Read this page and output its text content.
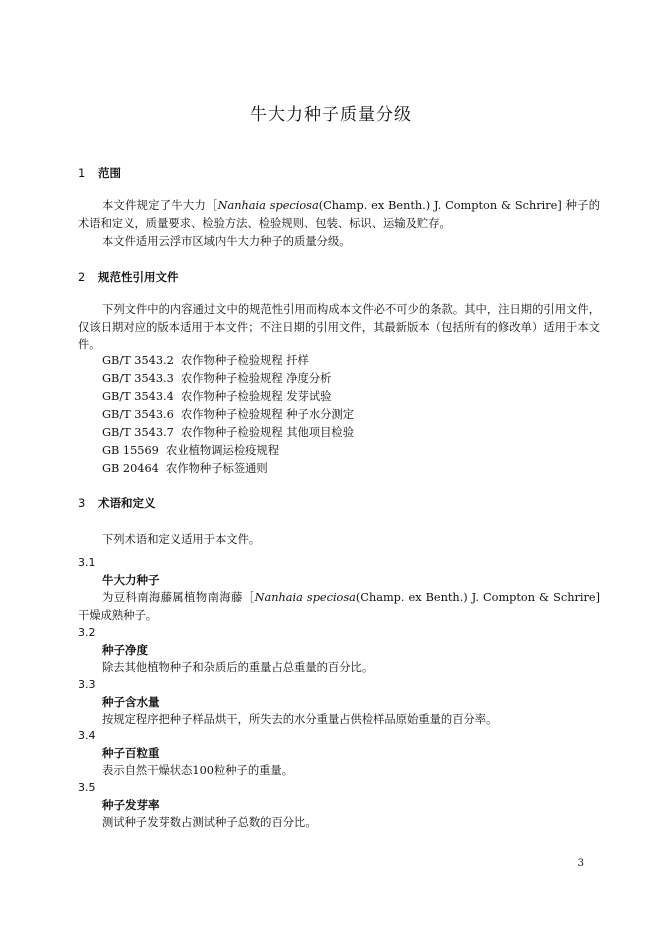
牛大力种子质量分级
1 范围
本文件规定了牛大力［Nanhaia speciosa(Champ. ex Benth.) J. Compton & Schrire] 种子的术语和定义，质量要求、检验方法、检验规则、包装、标识、运输及贮存。
本文件适用云浮市区域内牛大力种子的质量分级。
2 规范性引用文件
下列文件中的内容通过文中的规范性引用而构成本文件必不可少的条款。其中，注日期的引用文件，仅该日期对应的版本适用于本文件；不注日期的引用文件，其最新版本（包括所有的修改单）适用于本文件。
GB/T 3543.2  农作物种子检验规程 扦样
GB/T 3543.3  农作物种子检验规程 净度分析
GB/T 3543.4  农作物种子检验规程 发芽试验
GB/T 3543.6  农作物种子检验规程 种子水分测定
GB/T 3543.7  农作物种子检验规程 其他项目检验
GB 15569  农业植物调运检疫规程
GB 20464  农作物种子标签通则
3 术语和定义
下列术语和定义适用于本文件。
3.1
牛大力种子
为豆科南海藤属植物南海藤［Nanhaia speciosa(Champ. ex Benth.) J. Compton & Schrire] 干燥成熟种子。
3.2
种子净度
除去其他植物种子和杂质后的重量占总重量的百分比。
3.3
种子含水量
按规定程序把种子样品烘干，所失去的水分重量占供检样品原始重量的百分率。
3.4
种子百粒重
表示自然干燥状态100粒种子的重量。
3.5
种子发芽率
测试种子发芽数占测试种子总数的百分比。
3
